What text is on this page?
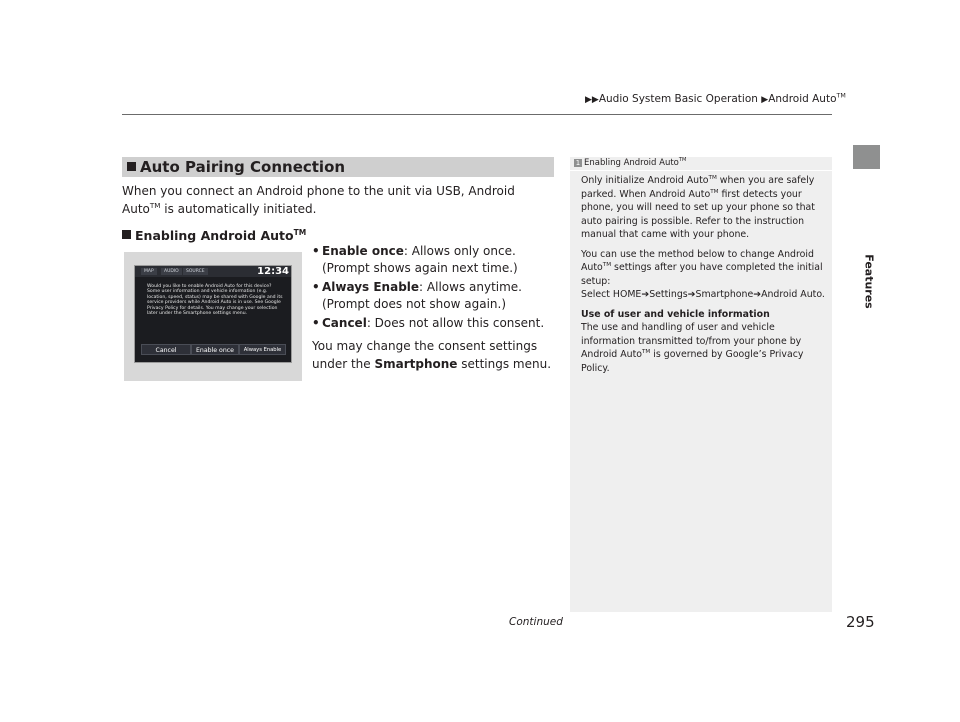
▶▶Audio System Basic Operation ▶Android Auto™
Features
Auto Pairing Connection
When you connect an Android phone to the unit via USB, Android Auto™ is automatically initiated.
Enabling Android Auto™
MAP	AUDIO	SOURCE	12:34
Would you like to enable Android Auto for this device? Some user information and vehicle information (e.g. location, speed, status) may be shared with Google and its service providers while Android Auto is in use. See Google Privacy Policy for details. You may change your selection later under the Smartphone settings menu.
Cancel	Enable once	Always Enable
• Enable once: Allows only once. (Prompt shows again next time.)
• Always Enable: Allows anytime. (Prompt does not show again.)
• Cancel: Does not allow this consent.
You may change the consent settings under the Smartphone settings menu.
1 Enabling Android Auto™

Only initialize Android Auto™ when you are safely parked. When Android Auto™ first detects your phone, you will need to set up your phone so that auto pairing is possible. Refer to the instruction manual that came with your phone.

You can use the method below to change Android Auto™ settings after you have completed the initial setup:

Select HOME➔Settings➔Smartphone➔Android Auto.

Use of user and vehicle information

The use and handling of user and vehicle information transmitted to/from your phone by Android Auto™ is governed by Google’s Privacy Policy.

Continued	295
